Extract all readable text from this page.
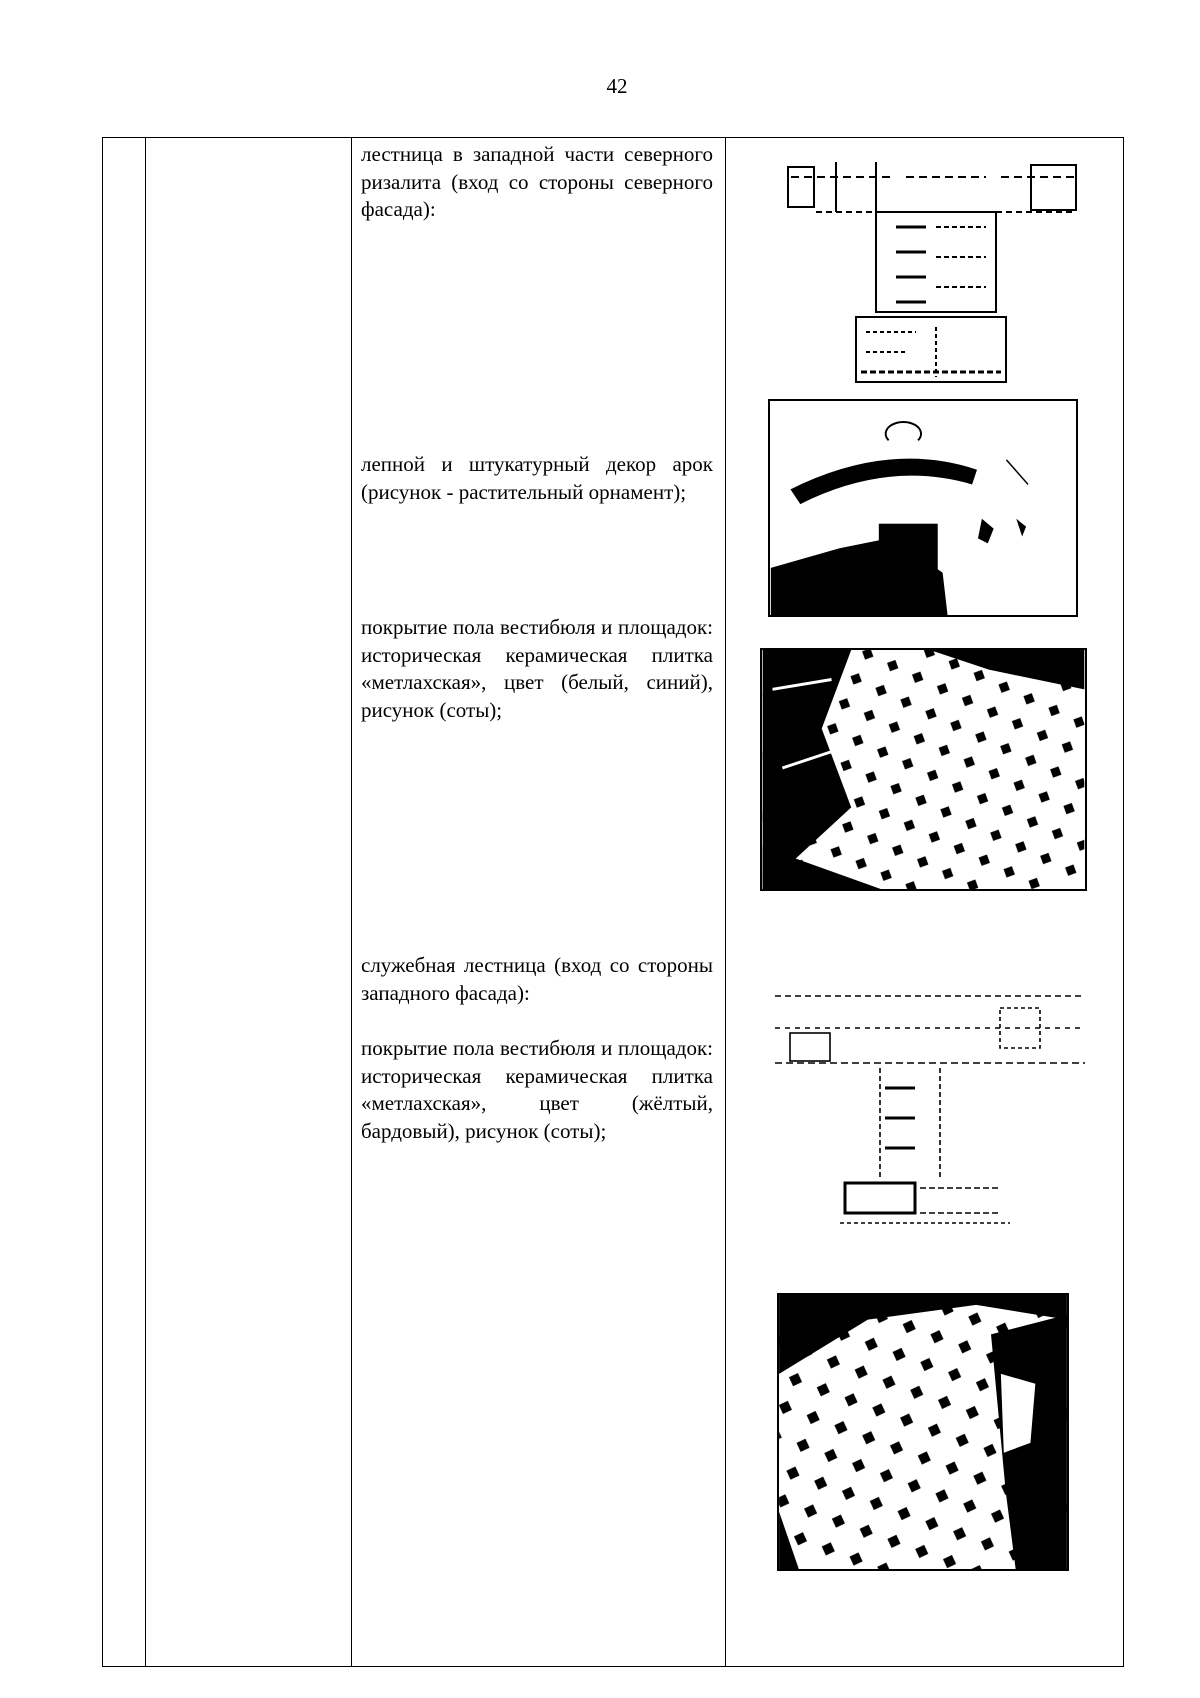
42
лестница в западной части северного ризалита (вход со стороны северного фасада):
лепной и штукатурный декор арок (рисунок - растительный орнамент);
покрытие пола вестибюля и площадок: историческая керамическая плитка «метлахская», цвет (белый, синий), рисунок (соты);
служебная лестница (вход со стороны западного фасада):
покрытие пола вестибюля и площадок: историческая керамическая плитка «метлахская», цвет (жёлтый, бардовый), рисунок (соты);
